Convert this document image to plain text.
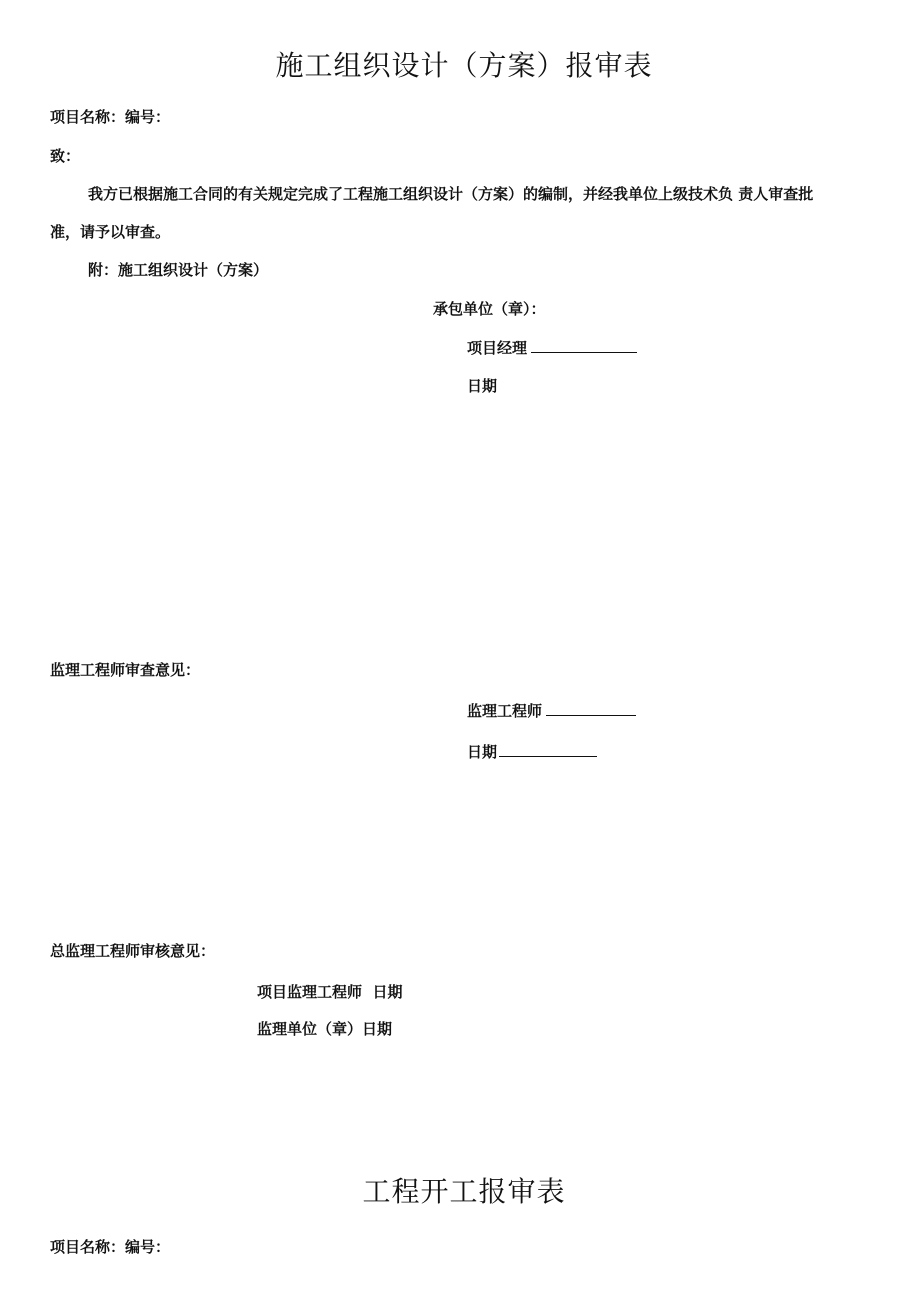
施工组织设计（方案）报审表
项目名称：编号：
致：
我方已根据施工合同的有关规定完成了工程施工组织设计（方案）的编制，并经我单位上级技术负 责人审查批
准，请予以审查。
附：施工组织设计（方案）
承包单位（章）：
项目经理
日期
监理工程师审查意见：
监理工程师
日期
总监理工程师审核意见：
项目监理工程师  日期
监理单位（章）日期
工程开工报审表
项目名称：编号：
